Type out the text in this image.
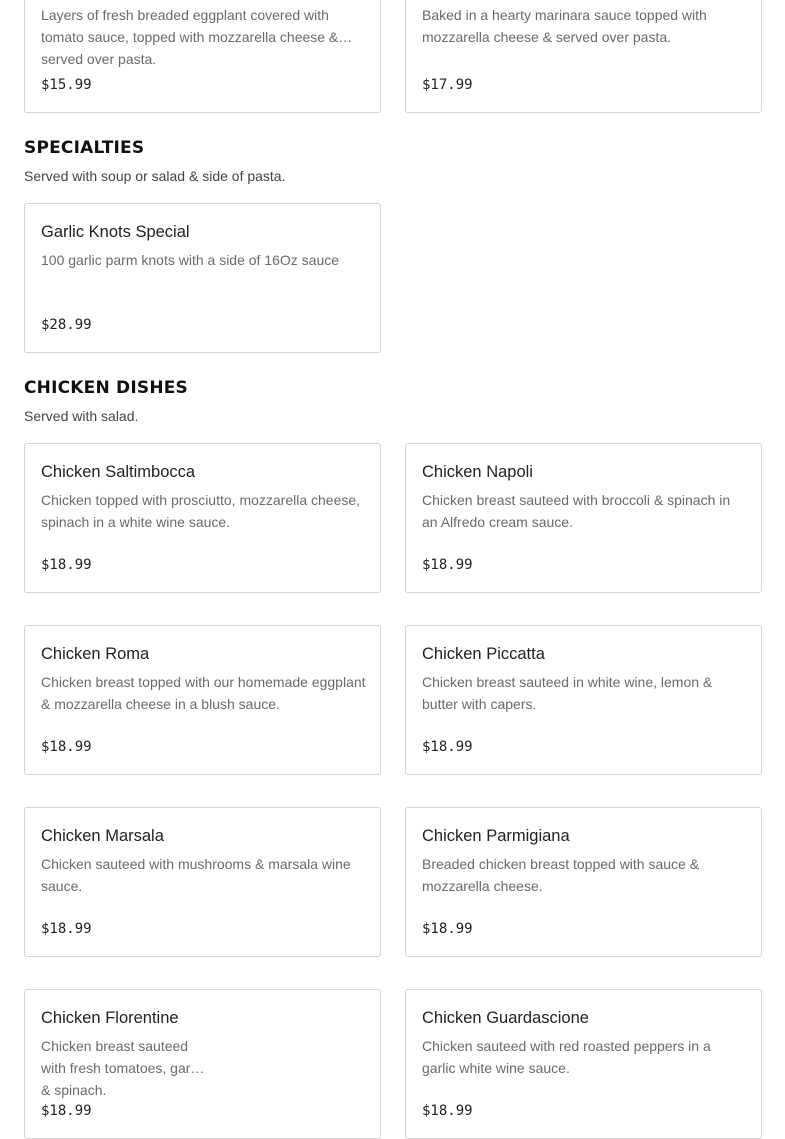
Layers of fresh breaded eggplant covered with tomato sauce, topped with mozzarella cheese & served over pasta.
$15.99
Baked in a hearty marinara sauce topped with mozzarella cheese & served over pasta.
$17.99
SPECIALTIES
Served with soup or salad & side of pasta.
Garlic Knots Special
100 garlic parm knots with a side of 16Oz sauce
$28.99
CHICKEN DISHES
Served with salad.
Chicken Saltimbocca
Chicken topped with prosciutto, mozzarella cheese, spinach in a white wine sauce.
$18.99
Chicken Napoli
Chicken breast sauteed with broccoli & spinach in an Alfredo cream sauce.
$18.99
Chicken Roma
Chicken breast topped with our homemade eggplant & mozzarella cheese in a blush sauce.
$18.99
Chicken Piccatta
Chicken breast sauteed in white wine, lemon & butter with capers.
$18.99
Chicken Marsala
Chicken sauteed with mushrooms & marsala wine sauce.
$18.99
Chicken Parmigiana
Breaded chicken breast topped with sauce & mozzarella cheese.
$18.99
Chicken Florentine
Chicken breast sauteed with fresh tomatoes, garlic & spinach.
$18.99
Chicken Guardascione
Chicken sauteed with red roasted peppers in a garlic white wine sauce.
$18.99
